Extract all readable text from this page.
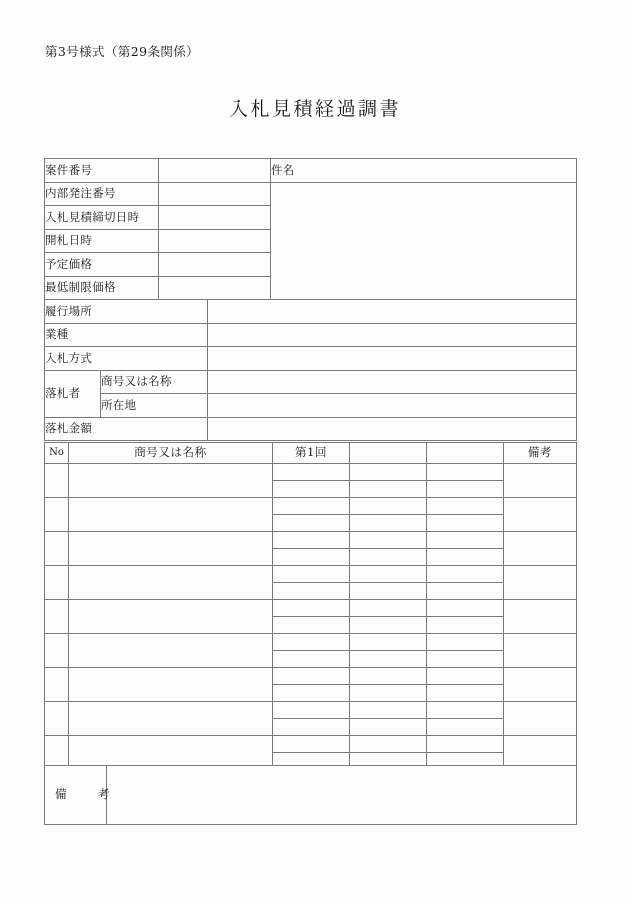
第3号様式（第29条関係）
入札見積経過調書
案件番号		件名
内部発注番号		
入札見積締切日時		
開札日時		
予定価格		
最低制限価格		
履行場所		
業種		
入札方式		
落札者	商号又は名称	
	所在地	
落札金額		
No	商号又は名称	第1回			備考

備　考	
